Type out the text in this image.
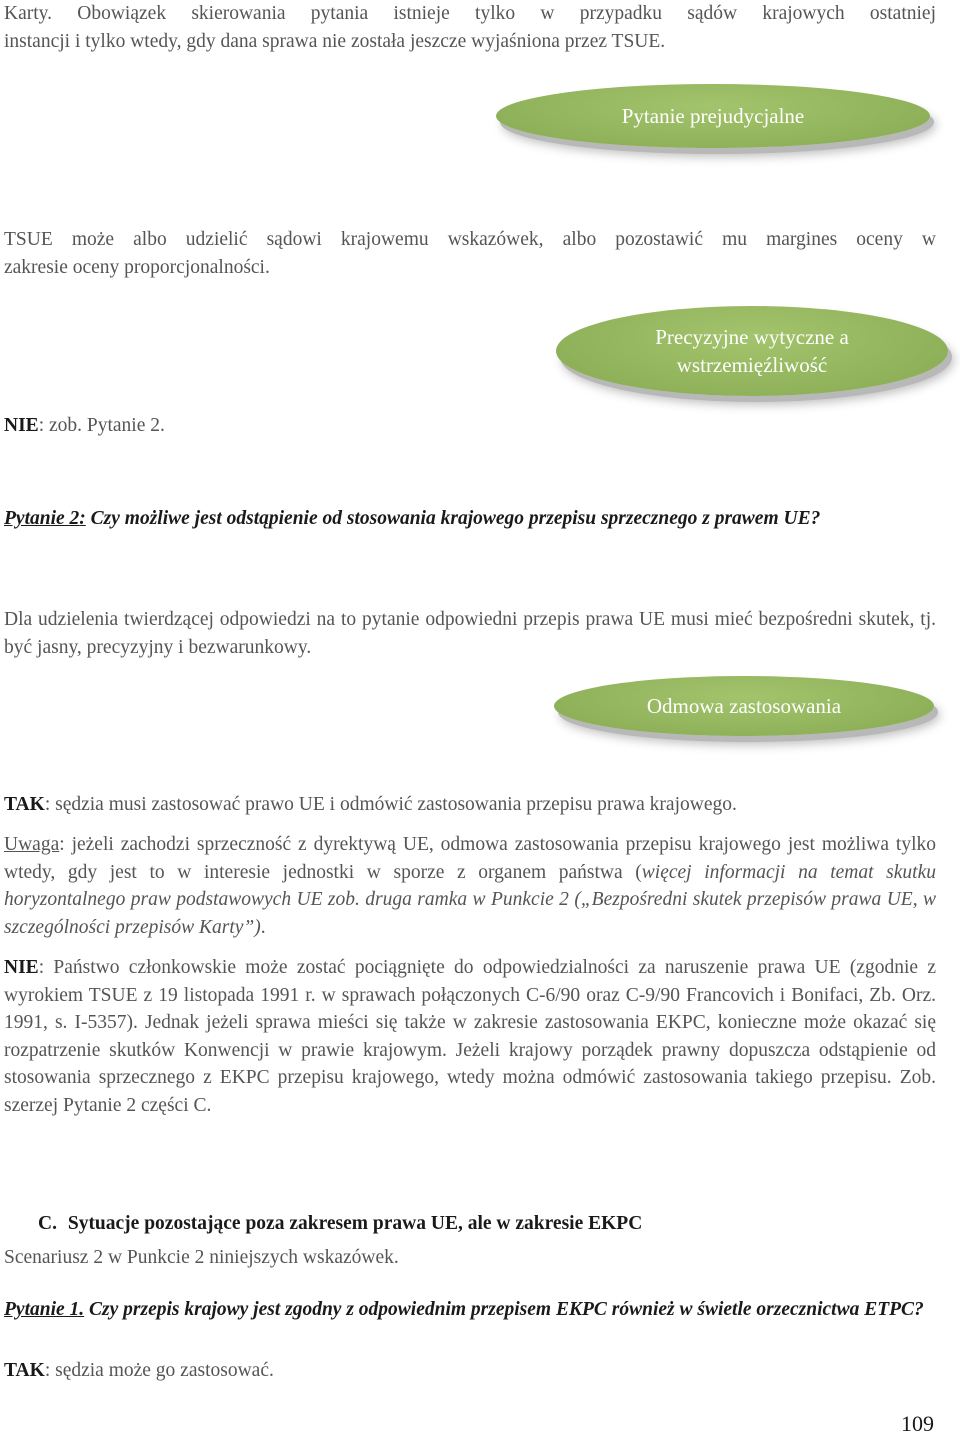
Karty. Obowiązek skierowania pytania istnieje tylko w przypadku sądów krajowych ostatniej
instancji i tylko wtedy, gdy dana sprawa nie została jeszcze wyjaśniona przez TSUE.
Pytanie prejudycjalne
TSUE może albo udzielić sądowi krajowemu wskazówek, albo pozostawić mu margines oceny w
zakresie oceny proporcjonalności.
Precyzyjne wytyczne a
wstrzemięźliwość
NIE: zob. Pytanie 2.
Pytanie 2: Czy możliwe jest odstąpienie od stosowania krajowego przepisu sprzecznego z prawem UE?
Dla udzielenia twierdzącej odpowiedzi na to pytanie odpowiedni przepis prawa UE musi mieć bezpośredni skutek, tj. być jasny, precyzyjny i bezwarunkowy.
Odmowa zastosowania
TAK: sędzia musi zastosować prawo UE i odmówić zastosowania przepisu prawa krajowego.
Uwaga: jeżeli zachodzi sprzeczność z dyrektywą UE, odmowa zastosowania przepisu krajowego jest możliwa tylko wtedy, gdy jest to w interesie jednostki w sporze z organem państwa (więcej informacji na temat skutku horyzontalnego praw podstawowych UE zob. druga ramka w Punkcie 2 („Bezpośredni skutek przepisów prawa UE, w szczególności przepisów Karty”).
NIE: Państwo członkowskie może zostać pociągnięte do odpowiedzialności za naruszenie prawa UE (zgodnie z wyrokiem TSUE z 19 listopada 1991 r. w sprawach połączonych C-6/90 oraz C-9/90 Francovich i Bonifaci, Zb. Orz. 1991, s. I-5357). Jednak jeżeli sprawa mieści się także w zakresie zastosowania EKPC, konieczne może okazać się rozpatrzenie skutków Konwencji w prawie krajowym. Jeżeli krajowy porządek prawny dopuszcza odstąpienie od stosowania sprzecznego z EKPC przepisu krajowego, wtedy można odmówić zastosowania takiego przepisu. Zob. szerzej Pytanie 2 części C.
C. Sytuacje pozostające poza zakresem prawa UE, ale w zakresie EKPC
Scenariusz 2 w Punkcie 2 niniejszych wskazówek.
Pytanie 1. Czy przepis krajowy jest zgodny z odpowiednim przepisem EKPC również w świetle orzecznictwa ETPC?
TAK: sędzia może go zastosować.
109
